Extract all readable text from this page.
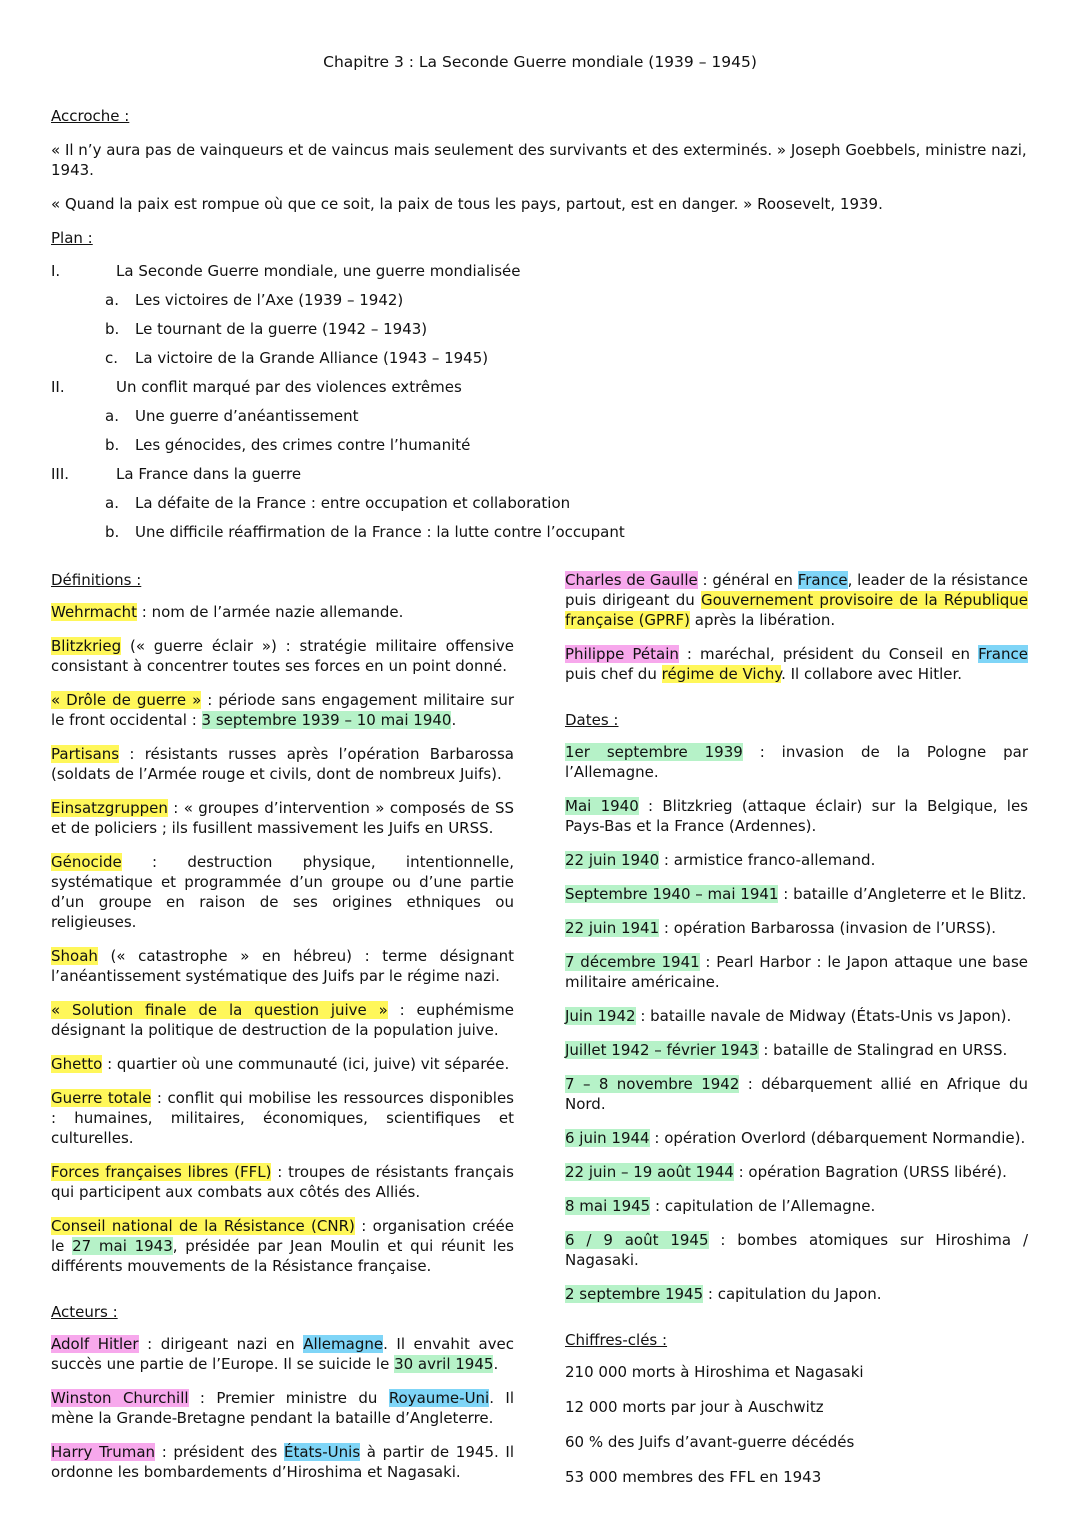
Chapitre 3 : La Seconde Guerre mondiale (1939 – 1945)
Accroche :

« Il n’y aura pas de vainqueurs et de vaincus mais seulement des survivants et des exterminés. » Joseph Goebbels, ministre nazi, 1943.

« Quand la paix est rompue où que ce soit, la paix de tous les pays, partout, est en danger. » Roosevelt, 1939.

Plan :
I.	La Seconde Guerre mondiale, une guerre mondialisée
a. Les victoires de l’Axe (1939 – 1942)
b. Le tournant de la guerre (1942 – 1943)
c. La victoire de la Grande Alliance (1943 – 1945)
II.	Un conflit marqué par des violences extrêmes
a. Une guerre d’anéantissement
b. Les génocides, des crimes contre l’humanité
III.	La France dans la guerre
a. La défaite de la France : entre occupation et collaboration
b. Une difficile réaffirmation de la France : la lutte contre l’occupant
Définitions :

Wehrmacht : nom de l’armée nazie allemande.

Blitzkrieg (« guerre éclair ») : stratégie militaire offensive consistant à concentrer toutes ses forces en un point donné.

« Drôle de guerre » : période sans engagement militaire sur le front occidental : 3 septembre 1939 – 10 mai 1940.

Partisans : résistants russes après l’opération Barbarossa (soldats de l’Armée rouge et civils, dont de nombreux Juifs).

Einsatzgruppen : « groupes d’intervention » composés de SS et de policiers ; ils fusillent massivement les Juifs en URSS.

Génocide : destruction physique, intentionnelle, systématique et programmée d’un groupe ou d’une partie d’un groupe en raison de ses origines ethniques ou religieuses.

Shoah (« catastrophe » en hébreu) : terme désignant l’anéantissement systématique des Juifs par le régime nazi.

« Solution finale de la question juive » : euphémisme désignant la politique de destruction de la population juive.

Ghetto : quartier où une communauté (ici, juive) vit séparée.

Guerre totale : conflit qui mobilise les ressources disponibles : humaines, militaires, économiques, scientifiques et culturelles.

Forces françaises libres (FFL) : troupes de résistants français qui participent aux combats aux côtés des Alliés.

Conseil national de la Résistance (CNR) : organisation créée le 27 mai 1943, présidée par Jean Moulin et qui réunit les différents mouvements de la Résistance française.

Acteurs :

Adolf Hitler : dirigeant nazi en Allemagne. Il envahit avec succès une partie de l’Europe. Il se suicide le 30 avril 1945.

Winston Churchill : Premier ministre du Royaume-Uni. Il mène la Grande-Bretagne pendant la bataille d’Angleterre.

Harry Truman : président des États-Unis à partir de 1945. Il ordonne les bombardements d’Hiroshima et Nagasaki.

Charles de Gaulle : général en France, leader de la résistance puis dirigeant du Gouvernement provisoire de la République française (GPRF) après la libération.

Philippe Pétain : maréchal, président du Conseil en France puis chef du régime de Vichy. Il collabore avec Hitler.

Dates :

1er septembre 1939 : invasion de la Pologne par l’Allemagne.

Mai 1940 : Blitzkrieg (attaque éclair) sur la Belgique, les Pays-Bas et la France (Ardennes).

22 juin 1940 : armistice franco-allemand.

Septembre 1940 – mai 1941 : bataille d’Angleterre et le Blitz.

22 juin 1941 : opération Barbarossa (invasion de l’URSS).

7 décembre 1941 : Pearl Harbor : le Japon attaque une base militaire américaine.

Juin 1942 : bataille navale de Midway (États-Unis vs Japon).

Juillet 1942 – février 1943 : bataille de Stalingrad en URSS.

7 – 8 novembre 1942 : débarquement allié en Afrique du Nord.

6 juin 1944 : opération Overlord (débarquement Normandie).

22 juin – 19 août 1944 : opération Bagration (URSS libéré).

8 mai 1945 : capitulation de l’Allemagne.

6 / 9 août 1945 : bombes atomiques sur Hiroshima / Nagasaki.

2 septembre 1945 : capitulation du Japon.

Chiffres-clés :

210 000 morts à Hiroshima et Nagasaki

12 000 morts par jour à Auschwitz

60 % des Juifs d’avant-guerre décédés

53 000 membres des FFL en 1943
